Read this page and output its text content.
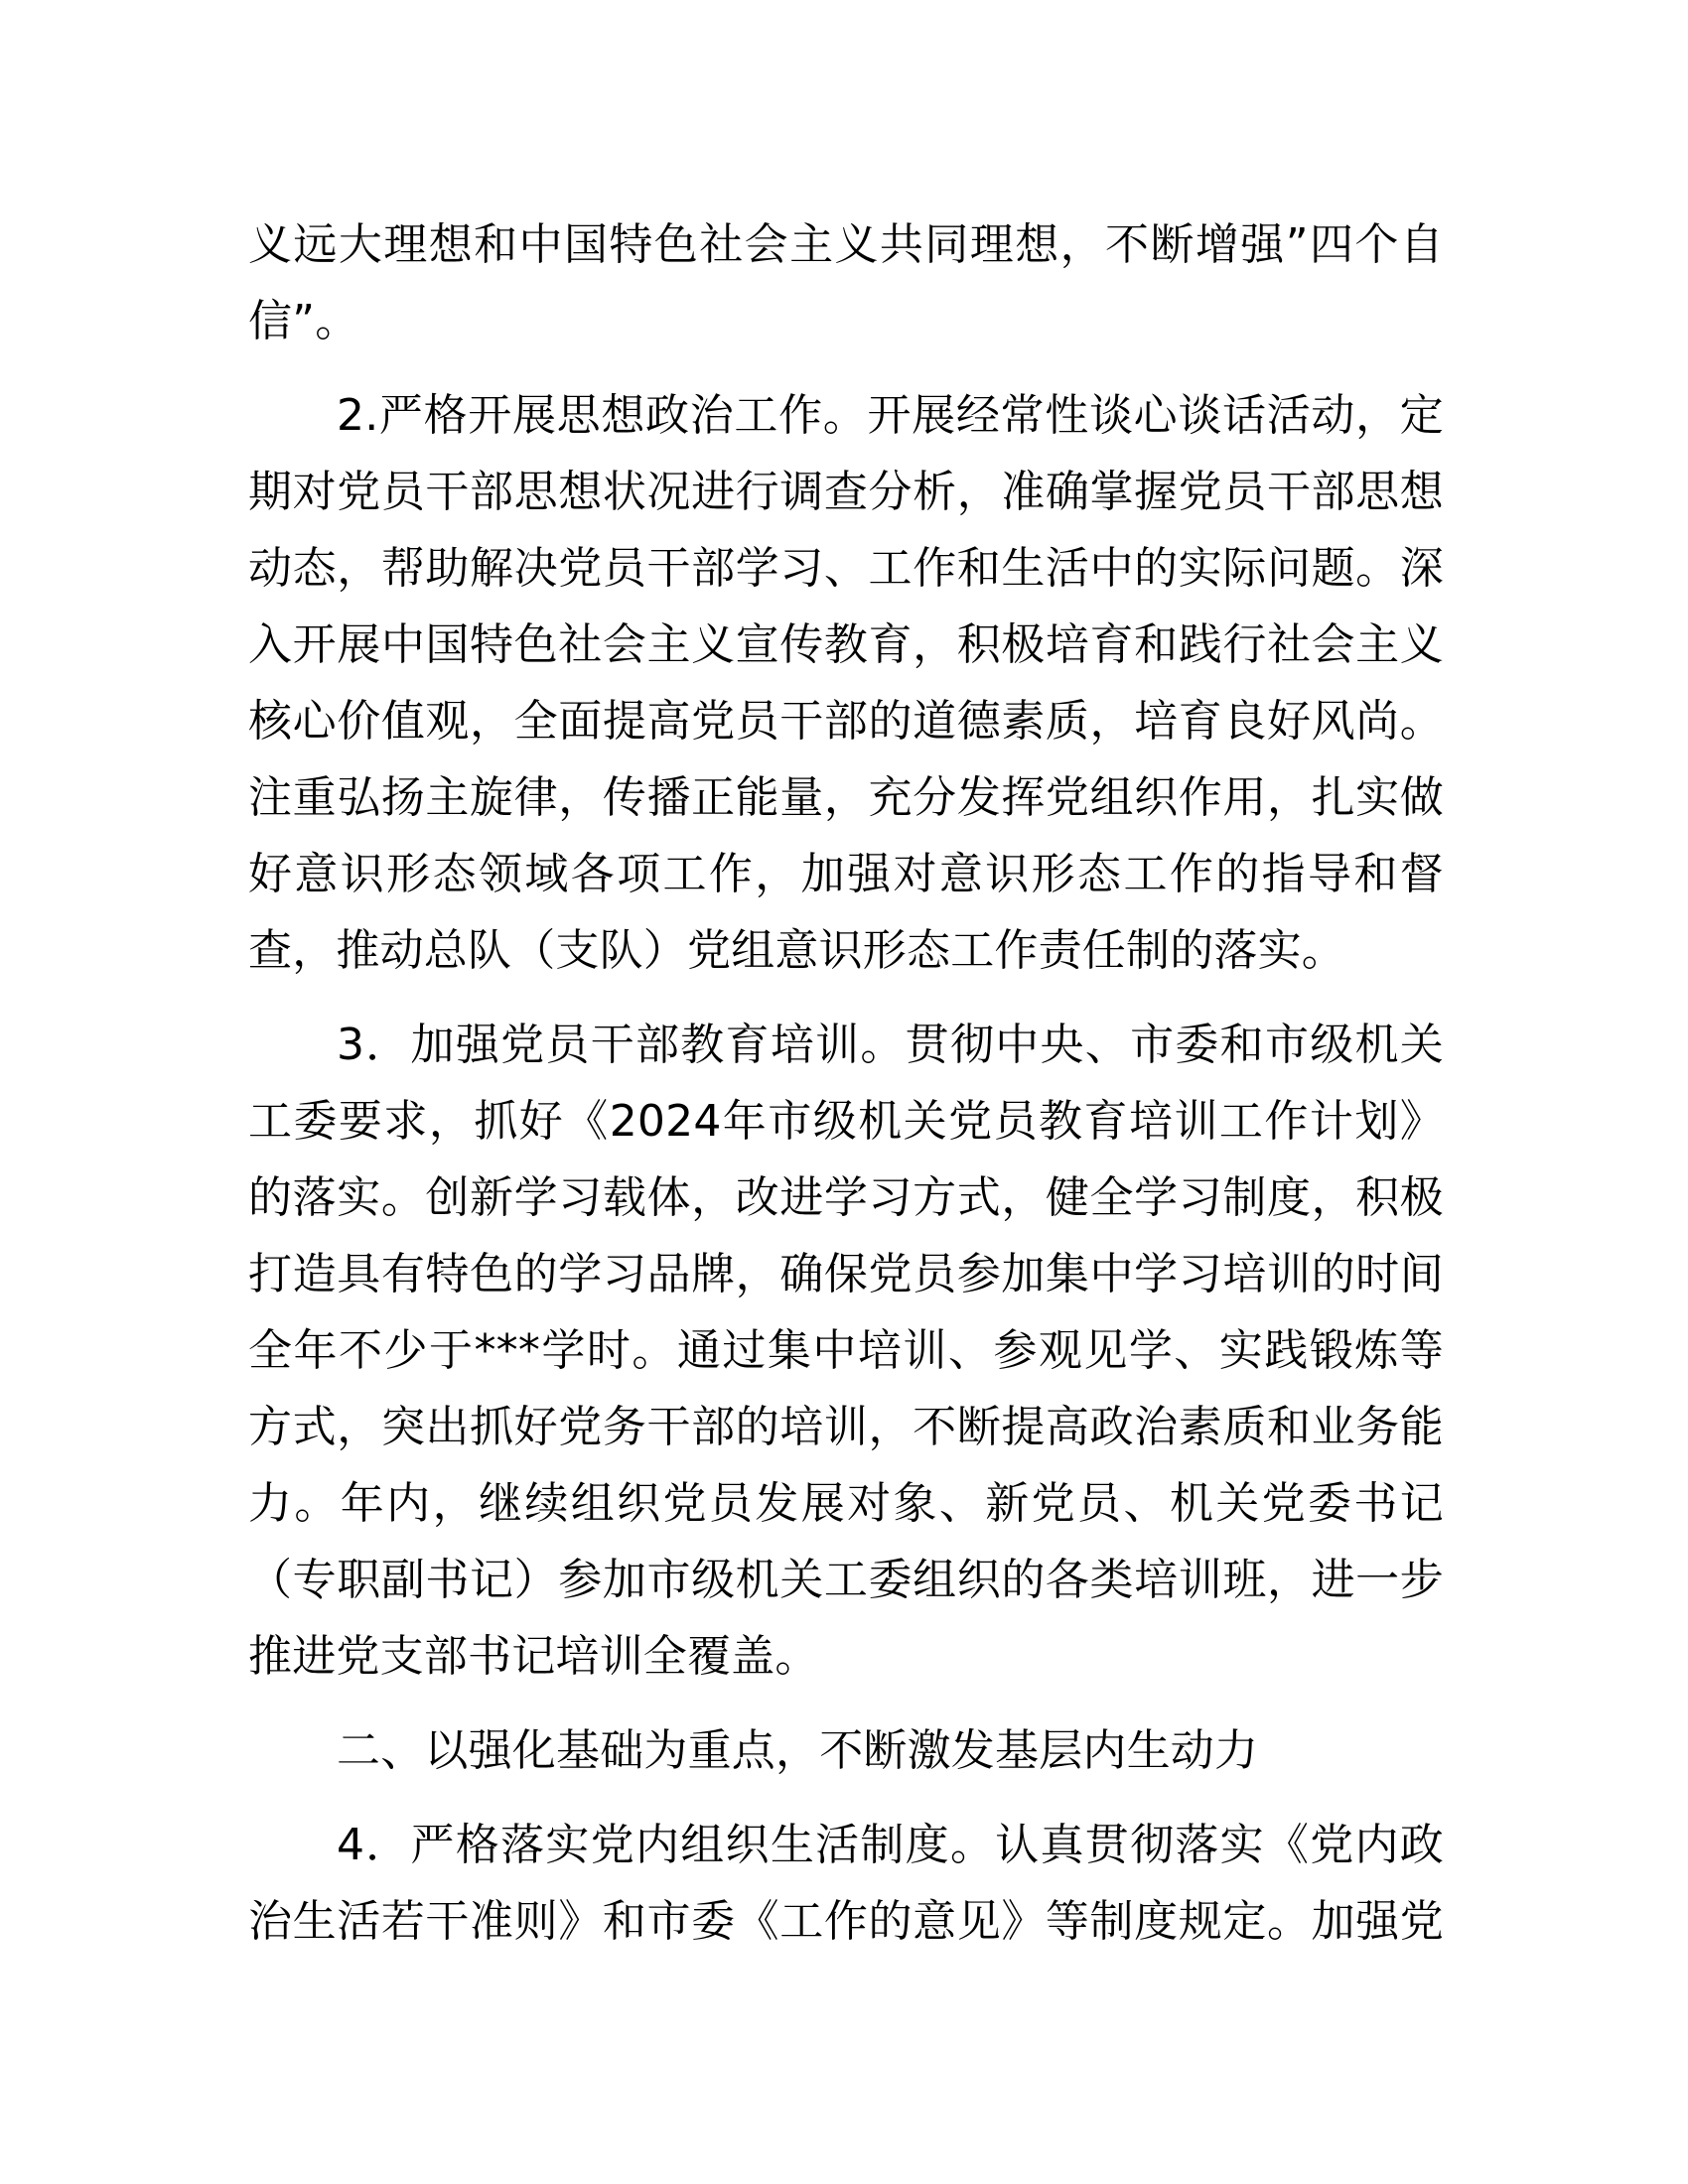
义远大理想和中国特色社会主义共同理想，不断增强”四个自
信”。
2.严格开展思想政治工作。开展经常性谈心谈话活动，定
期对党员干部思想状况进行调查分析，准确掌握党员干部思想
动态，帮助解决党员干部学习、工作和生活中的实际问题。深
入开展中国特色社会主义宣传教育，积极培育和践行社会主义
核心价值观，全面提高党员干部的道德素质，培育良好风尚。
注重弘扬主旋律，传播正能量，充分发挥党组织作用，扎实做
好意识形态领域各项工作，加强对意识形态工作的指导和督
查，推动总队（支队）党组意识形态工作责任制的落实。
3．加强党员干部教育培训。贯彻中央、市委和市级机关
工委要求，抓好《2024年市级机关党员教育培训工作计划》
的落实。创新学习载体，改进学习方式，健全学习制度，积极
打造具有特色的学习品牌，确保党员参加集中学习培训的时间
全年不少于***学时。通过集中培训、参观见学、实践锻炼等
方式，突出抓好党务干部的培训，不断提高政治素质和业务能
力。年内，继续组织党员发展对象、新党员、机关党委书记
（专职副书记）参加市级机关工委组织的各类培训班，进一步
推进党支部书记培训全覆盖。
二、以强化基础为重点，不断激发基层内生动力
4．严格落实党内组织生活制度。认真贯彻落实《党内政
治生活若干准则》和市委《工作的意见》等制度规定。加强党
